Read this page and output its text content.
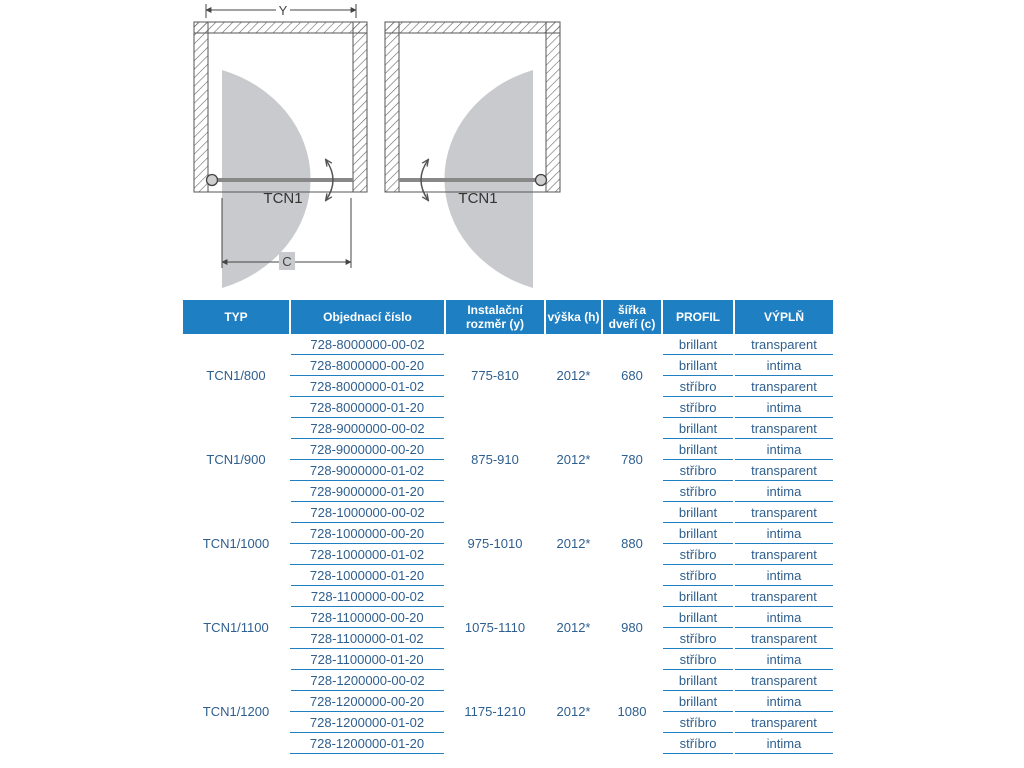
Y
C
TCN1	TCN1
TYP	Objednací číslo	Instalační rozměr (y)	výška (h)	šířka dveří (c)	PROFIL	VÝPLŇ
TCN1/800	728-8000000-00-02	775-810	2012*	680	brillant	transparent
	728-8000000-00-20				brillant	intima
	728-8000000-01-02				stříbro	transparent
	728-8000000-01-20				stříbro	intima
TCN1/900	728-9000000-00-02	875-910	2012*	780	brillant	transparent
	728-9000000-00-20				brillant	intima
	728-9000000-01-02				stříbro	transparent
	728-9000000-01-20				stříbro	intima
TCN1/1000	728-1000000-00-02	975-1010	2012*	880	brillant	transparent
	728-1000000-00-20				brillant	intima
	728-1000000-01-02				stříbro	transparent
	728-1000000-01-20				stříbro	intima
TCN1/1100	728-1100000-00-02	1075-1110	2012*	980	brillant	transparent
	728-1100000-00-20				brillant	intima
	728-1100000-01-02				stříbro	transparent
	728-1100000-01-20				stříbro	intima
TCN1/1200	728-1200000-00-02	1175-1210	2012*	1080	brillant	transparent
	728-1200000-00-20				brillant	intima
	728-1200000-01-02				stříbro	transparent
	728-1200000-01-20				stříbro	intima
